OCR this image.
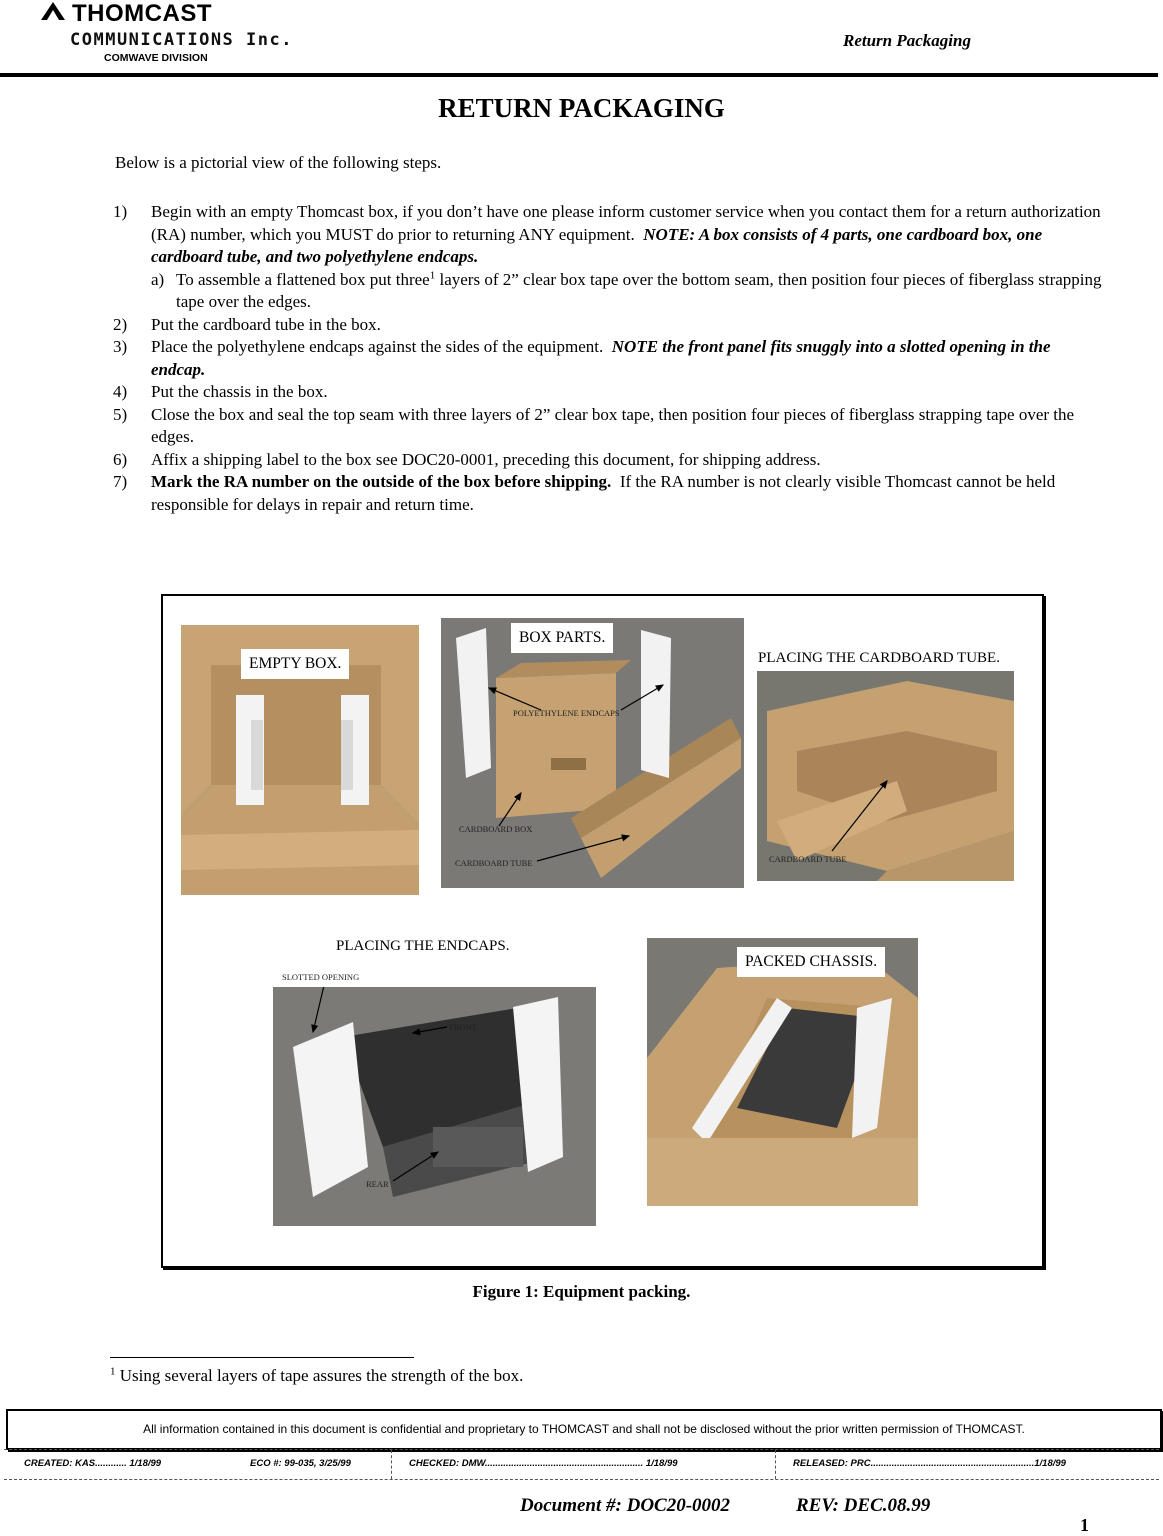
THOMCAST
COMMUNICATIONS Inc.
COMWAVE DIVISION
Return Packaging
RETURN PACKAGING
Below is a pictorial view of the following steps.
1) Begin with an empty Thomcast box, if you don’t have one please inform customer service when you contact them for a return authorization (RA) number, which you MUST do prior to returning ANY equipment. NOTE: A box consists of 4 parts, one cardboard box, one cardboard tube, and two polyethylene endcaps.
a) To assemble a flattened box put three$^1$ layers of 2” clear box tape over the bottom seam, then position four pieces of fiberglass strapping tape over the edges.
2) Put the cardboard tube in the box.
3) Place the polyethylene endcaps against the sides of the equipment. NOTE the front panel fits snuggly into a slotted opening in the endcap.
4) Put the chassis in the box.
5) Close the box and seal the top seam with three layers of 2” clear box tape, then position four pieces of fiberglass strapping tape over the edges.
6) Affix a shipping label to the box see DOC20-0001, preceding this document, for shipping address.
7) Mark the RA number on the outside of the box before shipping. If the RA number is not clearly visible Thomcast cannot be held responsible for delays in repair and return time.
EMPTY BOX.
BOX PARTS.
POLYETHYLENE ENDCAPS
CARDBOARD BOX
CARDBOARD TUBE
PLACING THE CARDBOARD TUBE.
CARDBOARD TUBE
PLACING THE ENDCAPS.
SLOTTED OPENING
FRONT
REAR
PACKED CHASSIS.
Figure 1: Equipment packing.
$^1$ Using several layers of tape assures the strength of the box.
All information contained in this document is confidential and proprietary to THOMCAST and shall not be disclosed without the prior written permission of THOMCAST.
CREATED: KAS............ 1/18/99	ECO #: 99-035, 3/25/99	CHECKED: DMW............................................................ 1/18/99	RELEASED: PRC..............................................................1/18/99
Document #: DOC20-0002	REV: DEC.08.99
1
